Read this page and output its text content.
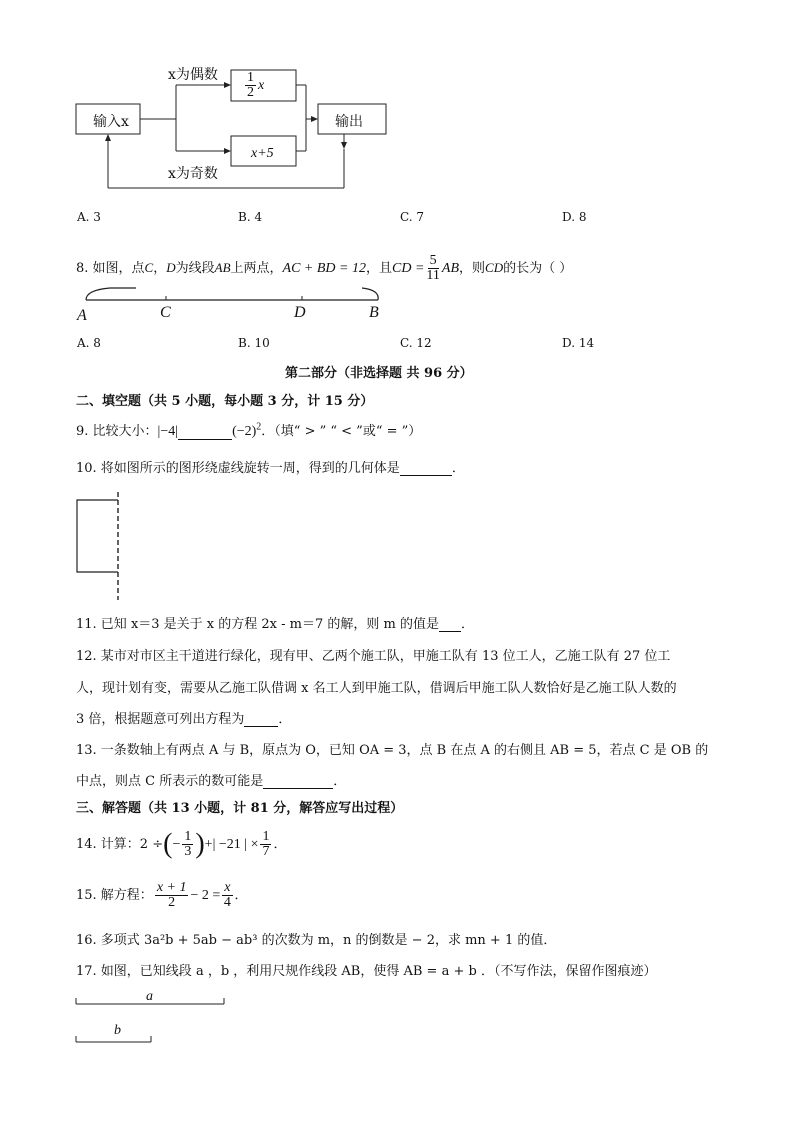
输入x	输出
x为偶数
x为奇数
$\frac{1}{2}$ x
x+5
A. 3	B. 4	C. 7	D. 8
8. 如图，点C，D为线段AB上两点，AC + BD = 12，且CD = $\frac{5}{11}$ AB，则CD的长为（ ）
A	C	D	B
A. 8	B. 10	C. 12	D. 14
第二部分（非选择题 共 96 分）
二、填空题（共 5 小题，每小题 3 分，计 15 分）
9. 比较大小：|−4|	$(-2)^2$．（填“ > ” “ < ”或“ = ”）
10. 将如图所示的图形绕虚线旋转一周，得到的几何体是	．
11. 已知 x＝3 是关于 x 的方程 2x - m＝7 的解，则 m 的值是 ．
12. 某市对市区主干道进行绿化，现有甲、乙两个施工队，甲施工队有 13 位工人，乙施工队有 27 位工
人，现计划有变，需要从乙施工队借调 x 名工人到甲施工队，借调后甲施工队人数恰好是乙施工队人数的
3 倍，根据题意可列出方程为	．
13. 一条数轴上有两点 A 与 B，原点为 O，已知 OA = 3，点 B 在点 A 的右侧且 AB = 5，若点 C 是 OB 的
中点，则点 C 所表示的数可能是	．
三、解答题（共 13 小题，计 81 分，解答应写出过程）
14. 计算：2 ÷(− $\frac{1}{3}$ )+| −21 | × $\frac{1}{7}$ ．
15. 解方程： $\frac{x + 1}{2} - 2 = \frac{x}{4}$ ．
16. 多项式 3a²b + 5ab − ab³ 的次数为 m，n 的倒数是 − 2，求 mn + 1 的值．
17. 如图，已知线段 a ，b ，利用尺规作线段 AB，使得 AB = a + b ．（不写作法，保留作图痕迹）
a
b
